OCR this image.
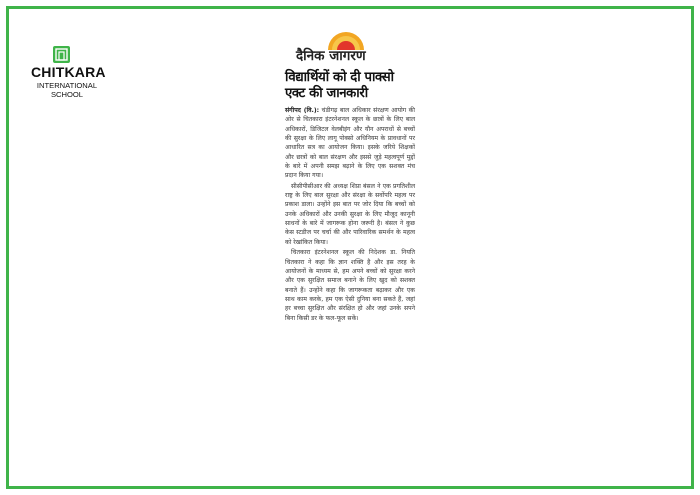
CHITKARA
INTERNATIONAL
SCHOOL
दैनिक जागरण
विद्यार्थियों को दी पाक्सो एक्ट की जानकारी

संगीपद (वि.): चंडीगढ़ बाल अधिकार संरक्षण आयोग की ओर से चितकारा इंटरनेशनल स्कूल के छात्रों के लिए बाल अधिकारों, डिजिटल वेलबीइंग और यौन अपराधों से बच्चों की सुरक्षा के लिए लागू पोक्सो अधिनियम के प्रावधानों पर आधारित सत्र का आयोजन किया। इसके जरिये शिक्षकों और छात्रों को बाल संरक्षण और इससे जुड़े महत्वपूर्ण मुद्दों के बारे में अपनी समझ बढ़ाने के लिए एक सशक्त मंच प्रदान किया गया।

सीसीपीसीआर की अध्यक्ष शिप्रा बंसल ने एक प्रगतिशील राष्ट्र के लिए बाल सुरक्षा और संरक्षा के सर्वोपरि महत्व पर प्रकाश डाला। उन्होंने इस बात पर जोर दिया कि बच्चों को उनके अधिकारों और उनकी सुरक्षा के लिए मौजूद कानूनी साधनों के बारे में जागरूक होना जरूरी है। बंसल ने कुछ केस स्टडीज पर चर्चा की और पारिवारिक समर्थन के महत्व को रेखांकित किया।

चितकारा इंटरनेशनल स्कूल की निदेशक डा. नियति चितकारा ने कहा कि ज्ञान शक्ति है और इस तरह के आयोजनों के माध्यम से, हम अपने बच्चों को सुरक्षा करने और एक सुरक्षित समाज बनाने के लिए खुद को सशक्त बनाते हैं। उन्होंने कहा कि जागरूकता बढ़ाकर और एक साथ काम करके, हम एक ऐसी दुनिया बना सकते हैं, जहां हर बच्चा सुरक्षित और संरक्षित हो और जहां उनके सपने बिना किसी डर के फल-फूल सकें।
